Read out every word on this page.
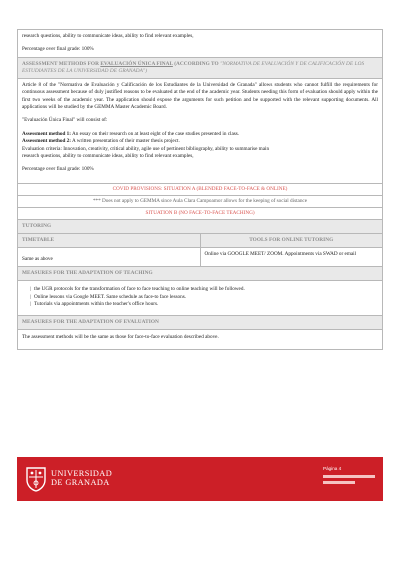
research questions, ability to communicate ideas, ability to find relevant examples,
Percentage over final grade: 100%
ASSESSMENT METHODS FOR EVALUACIÓN ÚNICA FINAL (ACCORDING TO "NORMATIVA DE EVALUACIÓN Y DE CALIFICACIÓN DE LOS ESTUDIANTES DE LA UNIVERSIDAD DE GRANADA")
Article 8 of the "Normativa de Evaluación y Calificación de los Estudiantes de la Universidad de Granada" allows students who cannot fulfill the requirements for continuous assessment because of duly justified reasons to be evaluated at the end of the academic year. Students needing this form of evaluation should apply within the first two weeks of the academic year. The application should expose the arguments for such petition and be supported with the relevant supporting documents. All applications will be studied by the GEMMA Master Academic Board.
"Evaluación Única Final" will consist of:
Assessment method 1: An essay on their research on at least eight of the case studies presented in class.
Assessment method 2: A written presentation of their master thesis project.
Evaluation criteria: Innovation, creativity, critical ability, agile use of pertinent bibliography, ability to summarise main
research questions, ability to communicate ideas, ability to find relevant examples,
Percentage over final grade: 100%
COVID PROVISIONS: SITUATION A (BLENDED FACE-TO-FACE & ONLINE)
*** Does not apply to GEMMA since Aula Clara Campoamor allows for the keeping of social distance
SITUATION B (NO FACE-TO-FACE TEACHING)
TUTORING
TIMETABLE	TOOLS FOR ONLINE TUTORING
Same as above
Online via GOOGLE MEET/ ZOOM. Appointments via SWAD or email
MEASURES FOR THE ADAPTATION OF TEACHING
| the UGR protocols for the transformation of face to face teaching to online teaching will be followed.
| Online lessons via Google MEET. Same schedule as face-to face lessons.
| Tutorials via appointments within the teacher's office hours.
MEASURES FOR THE ADAPTATION OF EVALUATION
The assessment methods will be the same as those for face-to-face evaluation described above.
UNIVERSIDAD
DE GRANADA
Página 4
